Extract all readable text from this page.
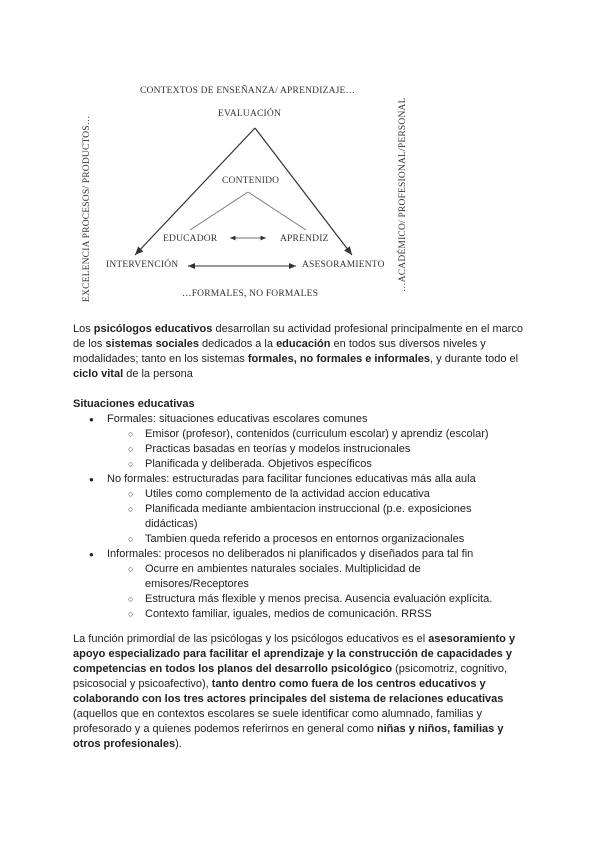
CONTEXTOS DE ENSEÑANZA/ APRENDIZAJE…
EVALUACIÓN
CONTENIDO
EDUCADOR	APRENDIZ
INTERVENCIÓN	ASESORAMIENTO
…FORMALES, NO FORMALES
EXCELENCIA PROCESOS/ PRODUCTOS…	…ACADÉMICO/ PROFESIONAL/PERSONAL

Los psicólogos educativos desarrollan su actividad profesional principalmente en el marco de los sistemas sociales dedicados a la educación en todos sus diversos niveles y modalidades; tanto en los sistemas formales, no formales e informales, y durante todo el ciclo vital de la persona

Situaciones educativas

● Formales: situaciones educativas escolares comunes
○ Emisor (profesor), contenidos (curriculum escolar) y aprendiz (escolar)
○ Practicas basadas en teorías y modelos instrucionales
○ Planificada y deliberada. Objetivos específicos
● No formales: estructuradas para facilitar funciones educativas más alla aula
○ Utiles como complemento de la actividad accion educativa
○ Planificada mediante ambientacion instruccional (p.e. exposiciones didácticas)
○ Tambien queda referido a procesos en entornos organizacionales
● Informales: procesos no deliberados ni planificados y diseñados para tal fin
○ Ocurre en ambientes naturales sociales. Multiplicidad de emisores/Receptores
○ Estructura más flexible y menos precisa. Ausencia evaluación explícita.
○ Contexto familiar, iguales, medios de comunicación. RRSS

La función primordial de las psicólogas y los psicólogos educativos es el asesoramiento y apoyo especializado para facilitar el aprendizaje y la construcción de capacidades y competencias en todos los planos del desarrollo psicológico (psicomotriz, cognitivo, psicosocial y psicoafectivo), tanto dentro como fuera de los centros educativos y colaborando con los tres actores principales del sistema de relaciones educativas (aquellos que en contextos escolares se suele identificar como alumnado, familias y profesorado y a quienes podemos referirnos en general como niñas y niños, familias y otros profesionales).
